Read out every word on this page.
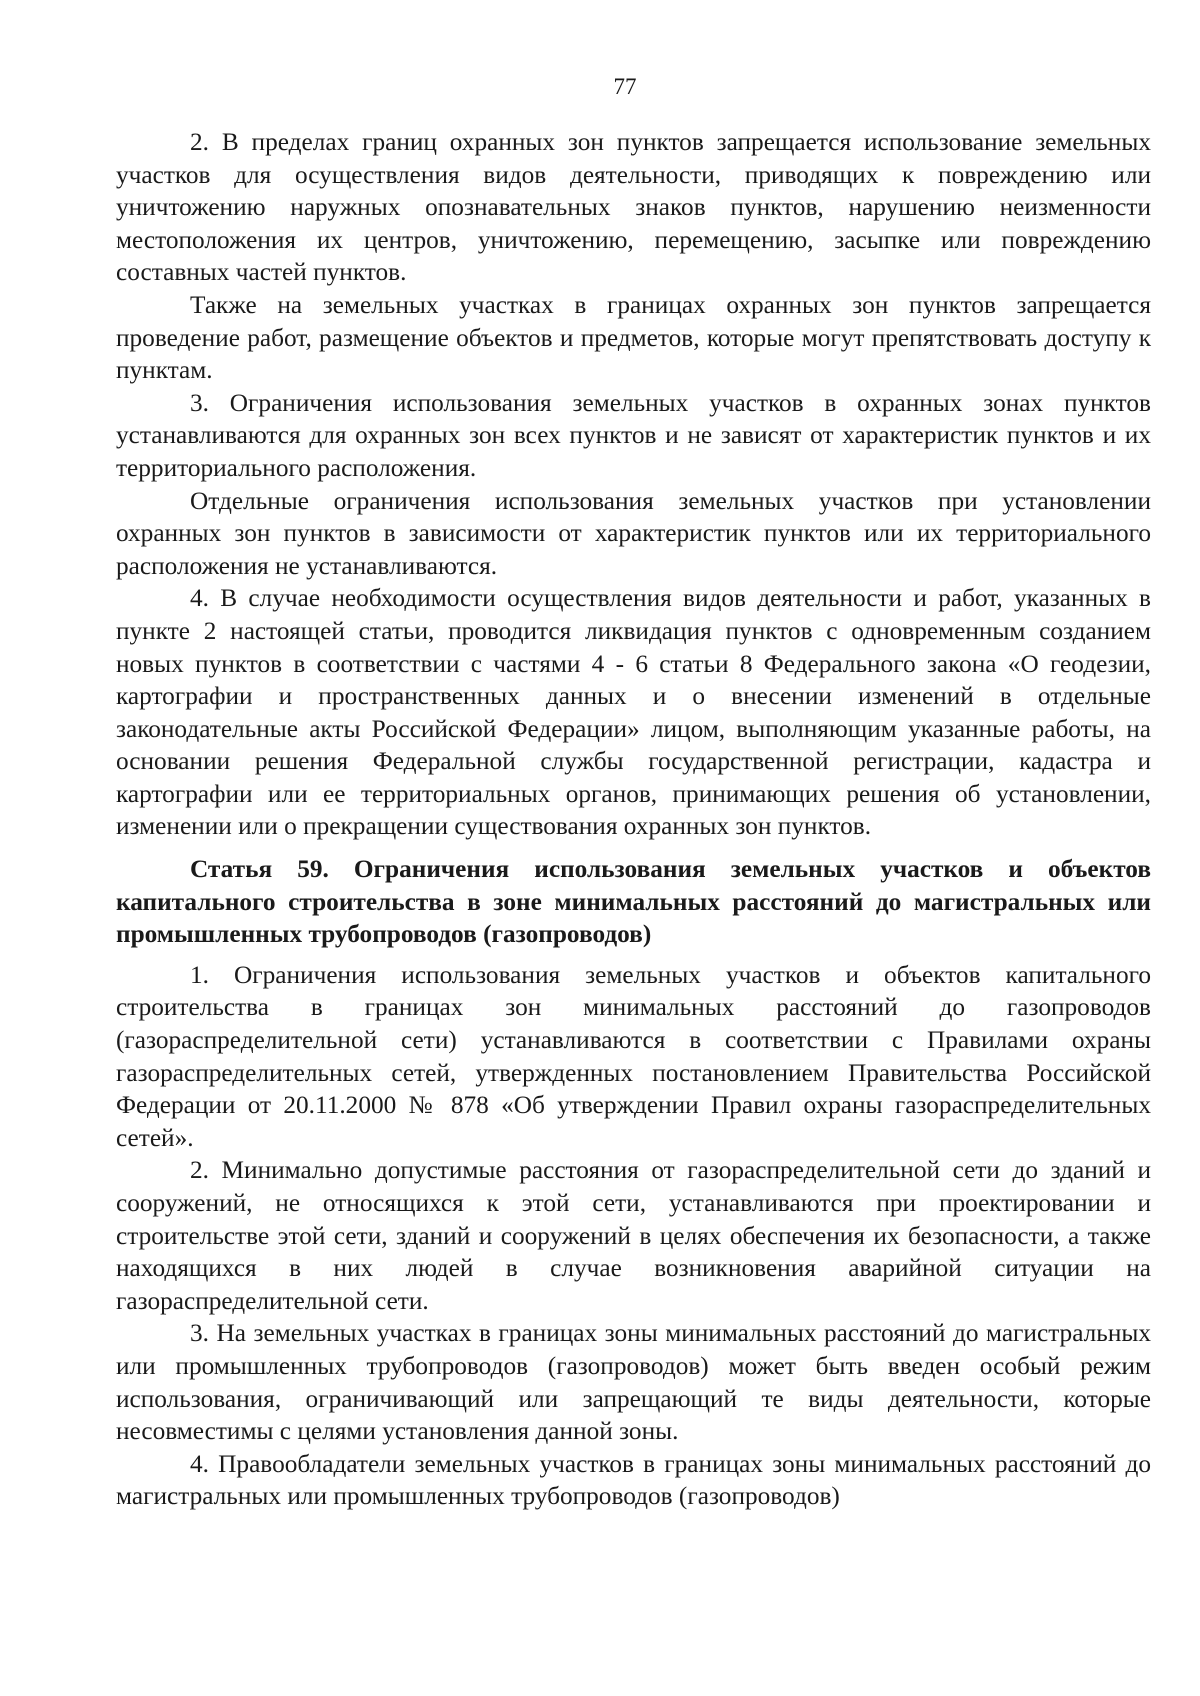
77

2. В пределах границ охранных зон пунктов запрещается использование земельных участков для осуществления видов деятельности, приводящих к повреждению или уничтожению наружных опознавательных знаков пунктов, нарушению неизменности местоположения их центров, уничтожению, перемещению, засыпке или повреждению составных частей пунктов.

Также на земельных участках в границах охранных зон пунктов запрещается проведение работ, размещение объектов и предметов, которые могут препятствовать доступу к пунктам.

3. Ограничения использования земельных участков в охранных зонах пунктов устанавливаются для охранных зон всех пунктов и не зависят от характеристик пунктов и их территориального расположения.

Отдельные ограничения использования земельных участков при установлении охранных зон пунктов в зависимости от характеристик пунктов или их территориального расположения не устанавливаются.

4. В случае необходимости осуществления видов деятельности и работ, указанных в пункте 2 настоящей статьи, проводится ликвидация пунктов с одновременным созданием новых пунктов в соответствии с частями 4 - 6 статьи 8 Федерального закона «О геодезии, картографии и пространственных данных и о внесении изменений в отдельные законодательные акты Российской Федерации» лицом, выполняющим указанные работы, на основании решения Федеральной службы государственной регистрации, кадастра и картографии или ее территориальных органов, принимающих решения об установлении, изменении или о прекращении существования охранных зон пунктов.

Статья 59. Ограничения использования земельных участков и объектов капитального строительства в зоне минимальных расстояний до магистральных или промышленных трубопроводов (газопроводов)

1. Ограничения использования земельных участков и объектов капитального строительства в границах зон минимальных расстояний до газопроводов (газораспределительной сети) устанавливаются в соответствии с Правилами охраны газораспределительных сетей, утвержденных постановлением Правительства Российской Федерации от 20.11.2000 № 878 «Об утверждении Правил охраны газораспределительных сетей».

2. Минимально допустимые расстояния от газораспределительной сети до зданий и сооружений, не относящихся к этой сети, устанавливаются при проектировании и строительстве этой сети, зданий и сооружений в целях обеспечения их безопасности, а также находящихся в них людей в случае возникновения аварийной ситуации на газораспределительной сети.

3. На земельных участках в границах зоны минимальных расстояний до магистральных или промышленных трубопроводов (газопроводов) может быть введен особый режим использования, ограничивающий или запрещающий те виды деятельности, которые несовместимы с целями установления данной зоны.

4. Правообладатели земельных участков в границах зоны минимальных расстояний до магистральных или промышленных трубопроводов (газопроводов)
